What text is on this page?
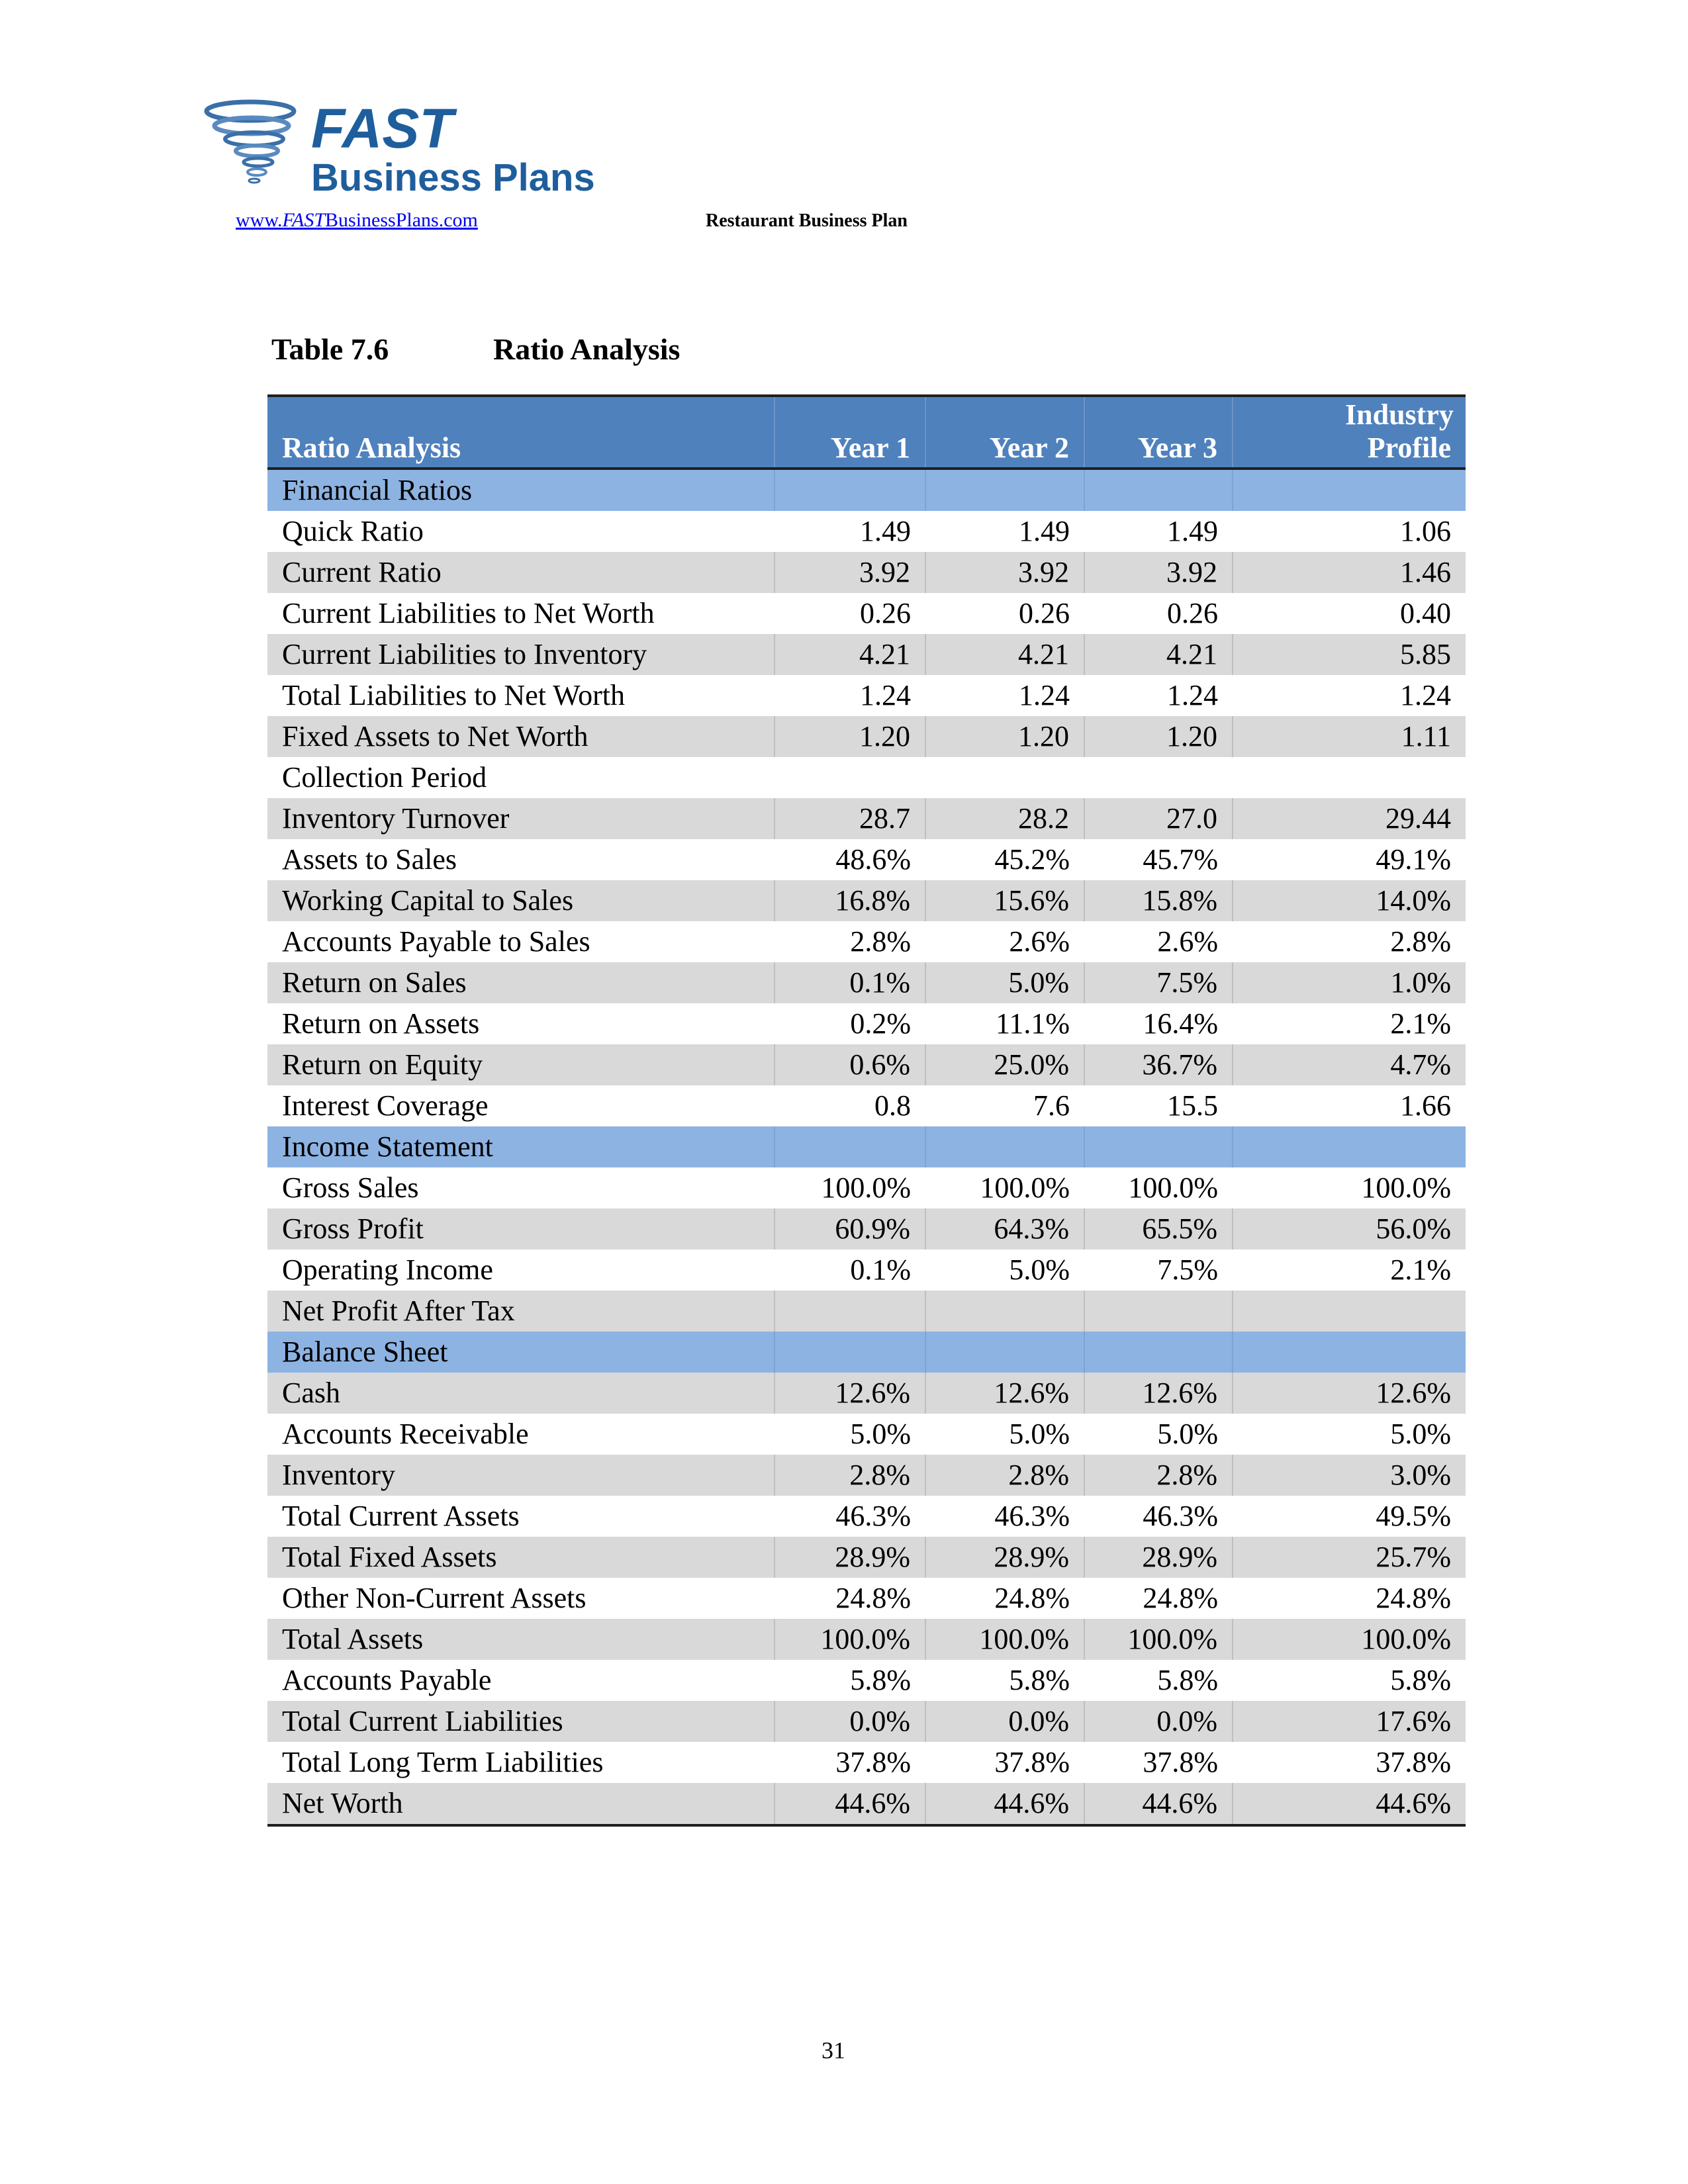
FAST
Business Plans
www.FASTBusinessPlans.com	Restaurant Business Plan
Table 7.6	Ratio Analysis
Ratio Analysis	Year 1	Year 2	Year 3	Industry Profile
Financial Ratios				
Quick Ratio	1.49	1.49	1.49	1.06
Current Ratio	3.92	3.92	3.92	1.46
Current Liabilities to Net Worth	0.26	0.26	0.26	0.40
Current Liabilities to Inventory	4.21	4.21	4.21	5.85
Total Liabilities to Net Worth	1.24	1.24	1.24	1.24
Fixed Assets to Net Worth	1.20	1.20	1.20	1.11
Collection Period				
Inventory Turnover	28.7	28.2	27.0	29.44
Assets to Sales	48.6%	45.2%	45.7%	49.1%
Working Capital to Sales	16.8%	15.6%	15.8%	14.0%
Accounts Payable to Sales	2.8%	2.6%	2.6%	2.8%
Return on Sales	0.1%	5.0%	7.5%	1.0%
Return on Assets	0.2%	11.1%	16.4%	2.1%
Return on Equity	0.6%	25.0%	36.7%	4.7%
Interest Coverage	0.8	7.6	15.5	1.66
Income Statement				
Gross Sales	100.0%	100.0%	100.0%	100.0%
Gross Profit	60.9%	64.3%	65.5%	56.0%
Operating Income	0.1%	5.0%	7.5%	2.1%
Net Profit After Tax				
Balance Sheet				
Cash	12.6%	12.6%	12.6%	12.6%
Accounts Receivable	5.0%	5.0%	5.0%	5.0%
Inventory	2.8%	2.8%	2.8%	3.0%
Total Current Assets	46.3%	46.3%	46.3%	49.5%
Total Fixed Assets	28.9%	28.9%	28.9%	25.7%
Other Non-Current Assets	24.8%	24.8%	24.8%	24.8%
Total Assets	100.0%	100.0%	100.0%	100.0%
Accounts Payable	5.8%	5.8%	5.8%	5.8%
Total Current Liabilities	0.0%	0.0%	0.0%	17.6%
Total Long Term Liabilities	37.8%	37.8%	37.8%	37.8%
Net Worth	44.6%	44.6%	44.6%	44.6%
31
